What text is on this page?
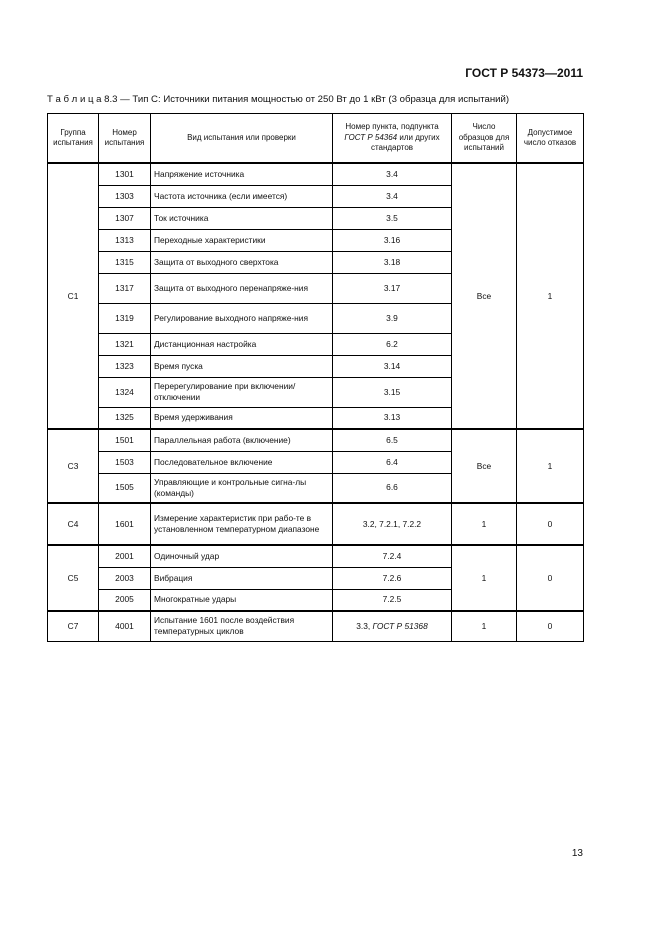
ГОСТ Р 54373—2011
Т а б л и ц а 8.3 — Тип С: Источники питания мощностью от 250 Вт до 1 кВт (3 образца для испытаний)
Группа испытания	Номер испытания	Вид испытания или проверки	Номер пункта, подпункта ГОСТ Р 54364 или других стандартов	Число образцов для испытаний	Допустимое число отказов
С1	1301	Напряжение источника	3.4	Все	1
	1303	Частота источника (если имеется)	3.4		
	1307	Ток источника	3.5		
	1313	Переходные характеристики	3.16		
	1315	Защита от выходного сверхтока	3.18		
	1317	Защита от выходного перенапряже-ния	3.17		
	1319	Регулирование выходного напряже-ния	3.9		
	1321	Дистанционная настройка	6.2		
	1323	Время пуска	3.14		
	1324	Перерегулирование при включении/ отключении	3.15		
	1325	Время удерживания	3.13		
С3	1501	Параллельная работа (включение)	6.5	Все	1
	1503	Последовательное включение	6.4		
	1505	Управляющие и контрольные сигна-лы (команды)	6.6		
С4	1601	Измерение характеристик при рабо-те в установленном температурном диапазоне	3.2, 7.2.1, 7.2.2	1	0
С5	2001	Одиночный удар	7.2.4	1	0
	2003	Вибрация	7.2.6		
	2005	Многократные удары	7.2.5		
С7	4001	Испытание 1601 после воздействия температурных циклов	3.3, ГОСТ Р 51368	1	0
13
